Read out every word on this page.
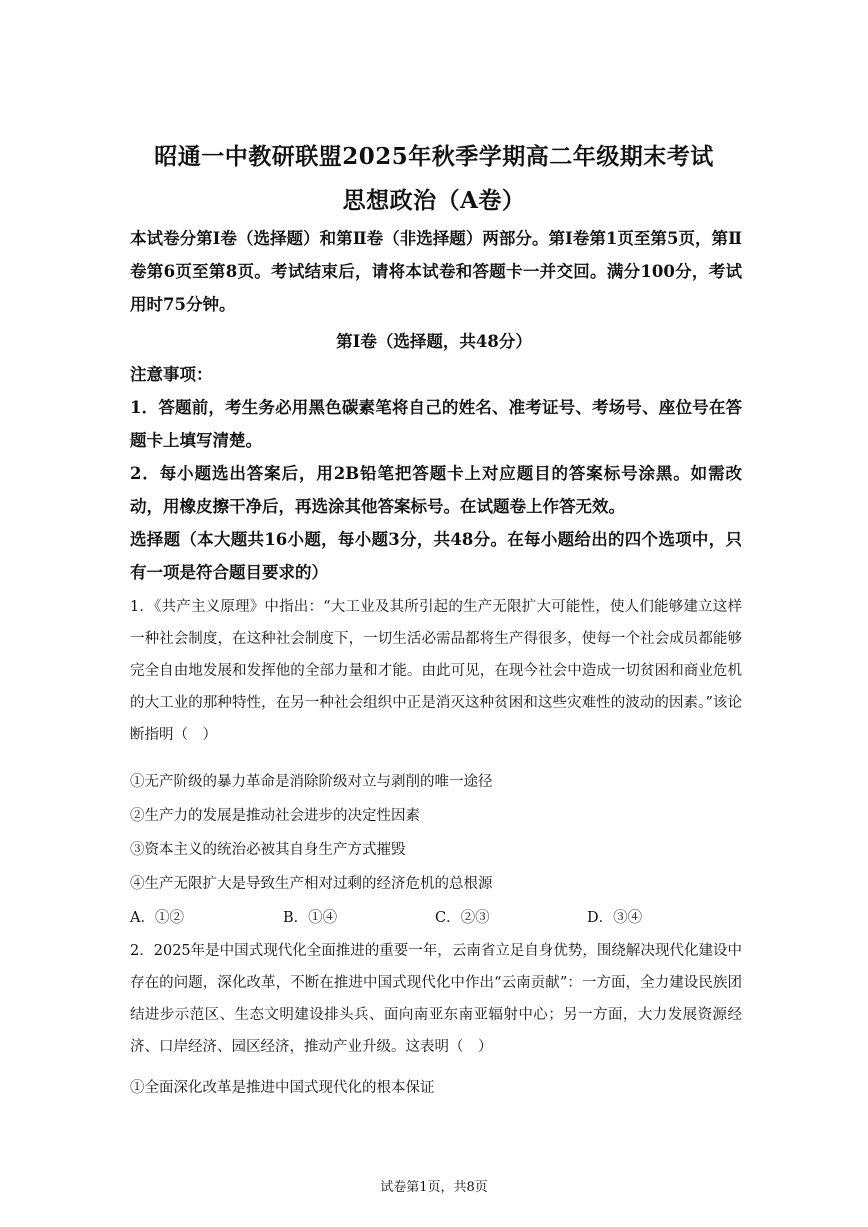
昭通一中教研联盟2025年秋季学期高二年级期末考试
思想政治（A卷）
本试卷分第Ⅰ卷（选择题）和第Ⅱ卷（非选择题）两部分。第Ⅰ卷第1页至第5页，第Ⅱ卷第6页至第8页。考试结束后，请将本试卷和答题卡一并交回。满分100分，考试用时75分钟。
第Ⅰ卷（选择题，共48分）
注意事项：
1．答题前，考生务必用黑色碳素笔将自己的姓名、准考证号、考场号、座位号在答题卡上填写清楚。
2．每小题选出答案后，用2B铅笔把答题卡上对应题目的答案标号涂黑。如需改动，用橡皮擦干净后，再选涂其他答案标号。在试题卷上作答无效。
选择题（本大题共16小题，每小题3分，共48分。在每小题给出的四个选项中，只有一项是符合题目要求的）
1．《共产主义原理》中指出：“大工业及其所引起的生产无限扩大可能性，使人们能够建立这样一种社会制度，在这种社会制度下，一切生活必需品都将生产得很多，使每一个社会成员都能够完全自由地发展和发挥他的全部力量和才能。由此可见，在现今社会中造成一切贫困和商业危机的大工业的那种特性，在另一种社会组织中正是消灭这种贫困和这些灾难性的波动的因素。”该论断指明（　）
①无产阶级的暴力革命是消除阶级对立与剥削的唯一途径
②生产力的发展是推动社会进步的决定性因素
③资本主义的统治必被其自身生产方式摧毁
④生产无限扩大是导致生产相对过剩的经济危机的总根源
A．①②	B．①④	C．②③	D．③④
2．2025年是中国式现代化全面推进的重要一年，云南省立足自身优势，围绕解决现代化建设中存在的问题，深化改革，不断在推进中国式现代化中作出“云南贡献”：一方面，全力建设民族团结进步示范区、生态文明建设排头兵、面向南亚东南亚辐射中心；另一方面，大力发展资源经济、口岸经济、园区经济，推动产业升级。这表明（　）
①全面深化改革是推进中国式现代化的根本保证
试卷第1页，共8页
